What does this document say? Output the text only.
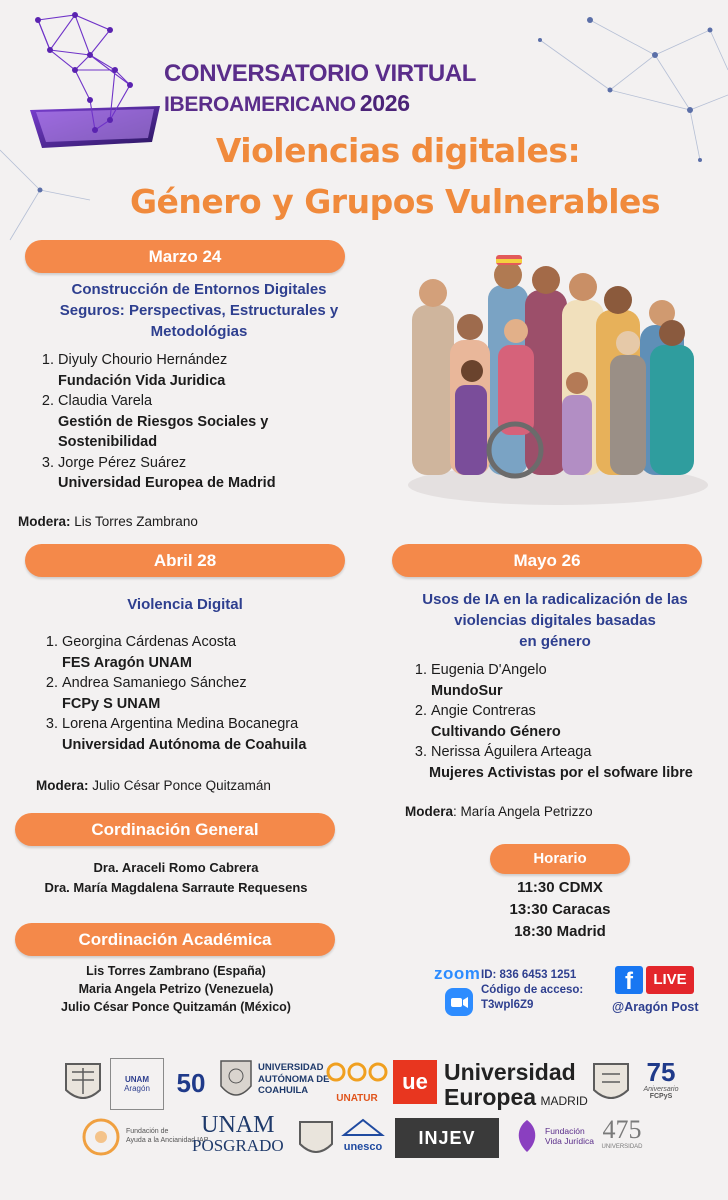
CONVERSATORIO VIRTUAL
IBEROAMERICANO 2026
Violencias digitales:
Género y Grupos Vulnerables
Marzo 24
Construcción de Entornos Digitales
Seguros: Perspectivas, Estructurales y
Metodológias
1. Diyuly Chourio Hernández
Fundación Vida Juridica
2. Claudia Varela
Gestión de Riesgos Sociales y Sostenibilidad
3. Jorge Pérez Suárez
Universidad Europea de Madrid
Modera: Lis Torres Zambrano
Abril 28
Violencia Digital
1. Georgina Cárdenas Acosta
FES Aragón UNAM
2. Andrea Samaniego Sánchez
FCPy S UNAM
3. Lorena Argentina Medina Bocanegra
Universidad Autónoma de Coahuila
Modera: Julio César Ponce Quitzamán
Mayo 26
Usos de IA en la radicalización de las
violencias digitales basadas
en género
1. Eugenia D'Angelo
MundoSur
2. Angie Contreras
Cultivando Género
3. Nerissa Águilera Arteaga
Mujeres Activistas por el sofware libre
Modera: María Angela Petrizzo
Cordinación General
Dra. Araceli Romo Cabrera
Dra. María Magdalena Sarraute Requesens
Cordinación Académica
Lis Torres Zambrano (España)
Maria Angela Petrizo (Venezuela)
Julio César Ponce Quitzamán (México)
Horario
11:30 CDMX
13:30 Caracas
18:30 Madrid
zoom ID: 836 6453 1251
Código de acceso:
T3wpl6Z9
f	LIVE
@Aragón Post
UNAM
Aragón	50	UNIVERSIDAD
AUTÓNOMA DE
COAHUILA
UNATUR
ue Universidad
Europea MADRID
75
Aniversario
FCPyS
Fundación de
Ayuda a la Ancianidad IAP
UNAM
POSGRADO	unesco	INJEV	Fundación
Vida Jurídica 475
UNIVERSIDAD
